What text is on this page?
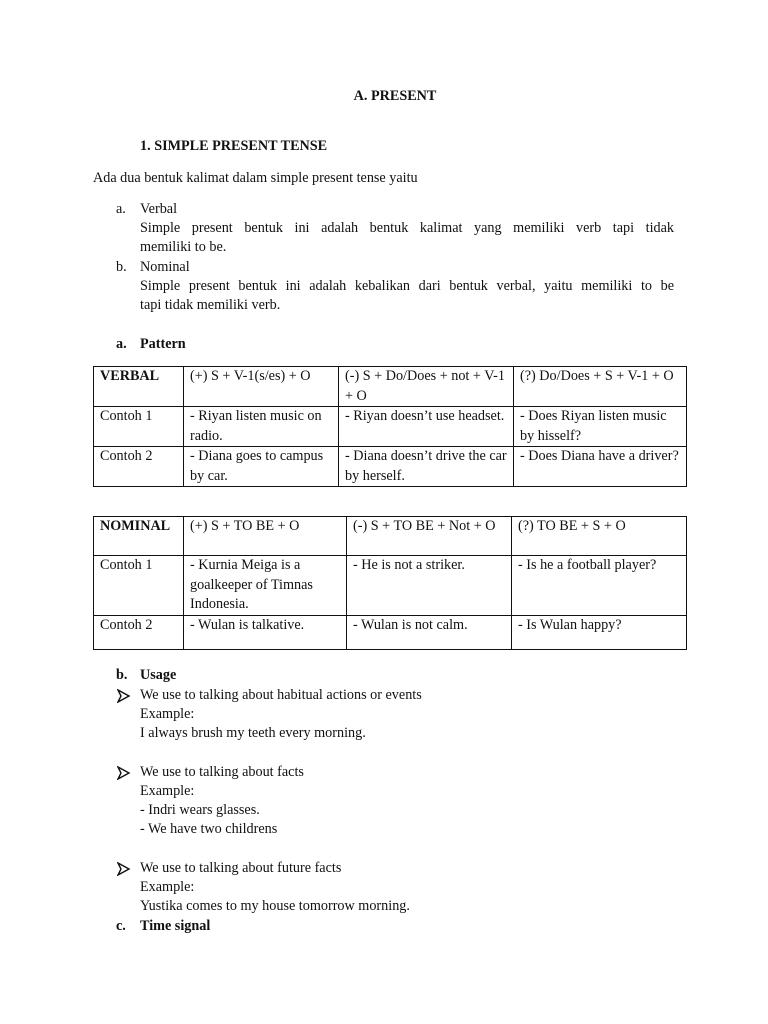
A. PRESENT
1. SIMPLE PRESENT TENSE
Ada dua bentuk kalimat dalam simple present tense yaitu
a. Verbal
Simple present bentuk ini adalah bentuk kalimat yang memiliki verb tapi tidak
memiliki to be.
b. Nominal
Simple present bentuk ini adalah kebalikan dari bentuk verbal, yaitu memiliki to be
tapi tidak memiliki verb.
a. Pattern
VERBAL	(+) S + V-1(s/es) + O	(-) S + Do/Does + not + V-1 + O	(?) Do/Does + S + V-1 + O
Contoh 1	- Riyan listen music on radio.	- Riyan doesn’t use headset.	- Does Riyan listen music by hisself?
Contoh 2	- Diana goes to campus by car.	- Diana doesn’t drive the car by herself.	- Does Diana have a driver?
NOMINAL	(+) S + TO BE + O	(-) S + TO BE + Not + O	(?) TO BE + S + O
Contoh 1	- Kurnia Meiga is a goalkeeper of Timnas Indonesia.	- He is not a striker.	- Is he a football player?
Contoh 2	- Wulan is talkative.	- Wulan is not calm.	- Is Wulan happy?
b. Usage
We use to talking about habitual actions or events
Example:
I always brush my teeth every morning.
We use to talking about facts
Example:
- Indri wears glasses.
- We have two childrens
We use to talking about future facts
Example:
Yustika comes to my house tomorrow morning.
c. Time signal
